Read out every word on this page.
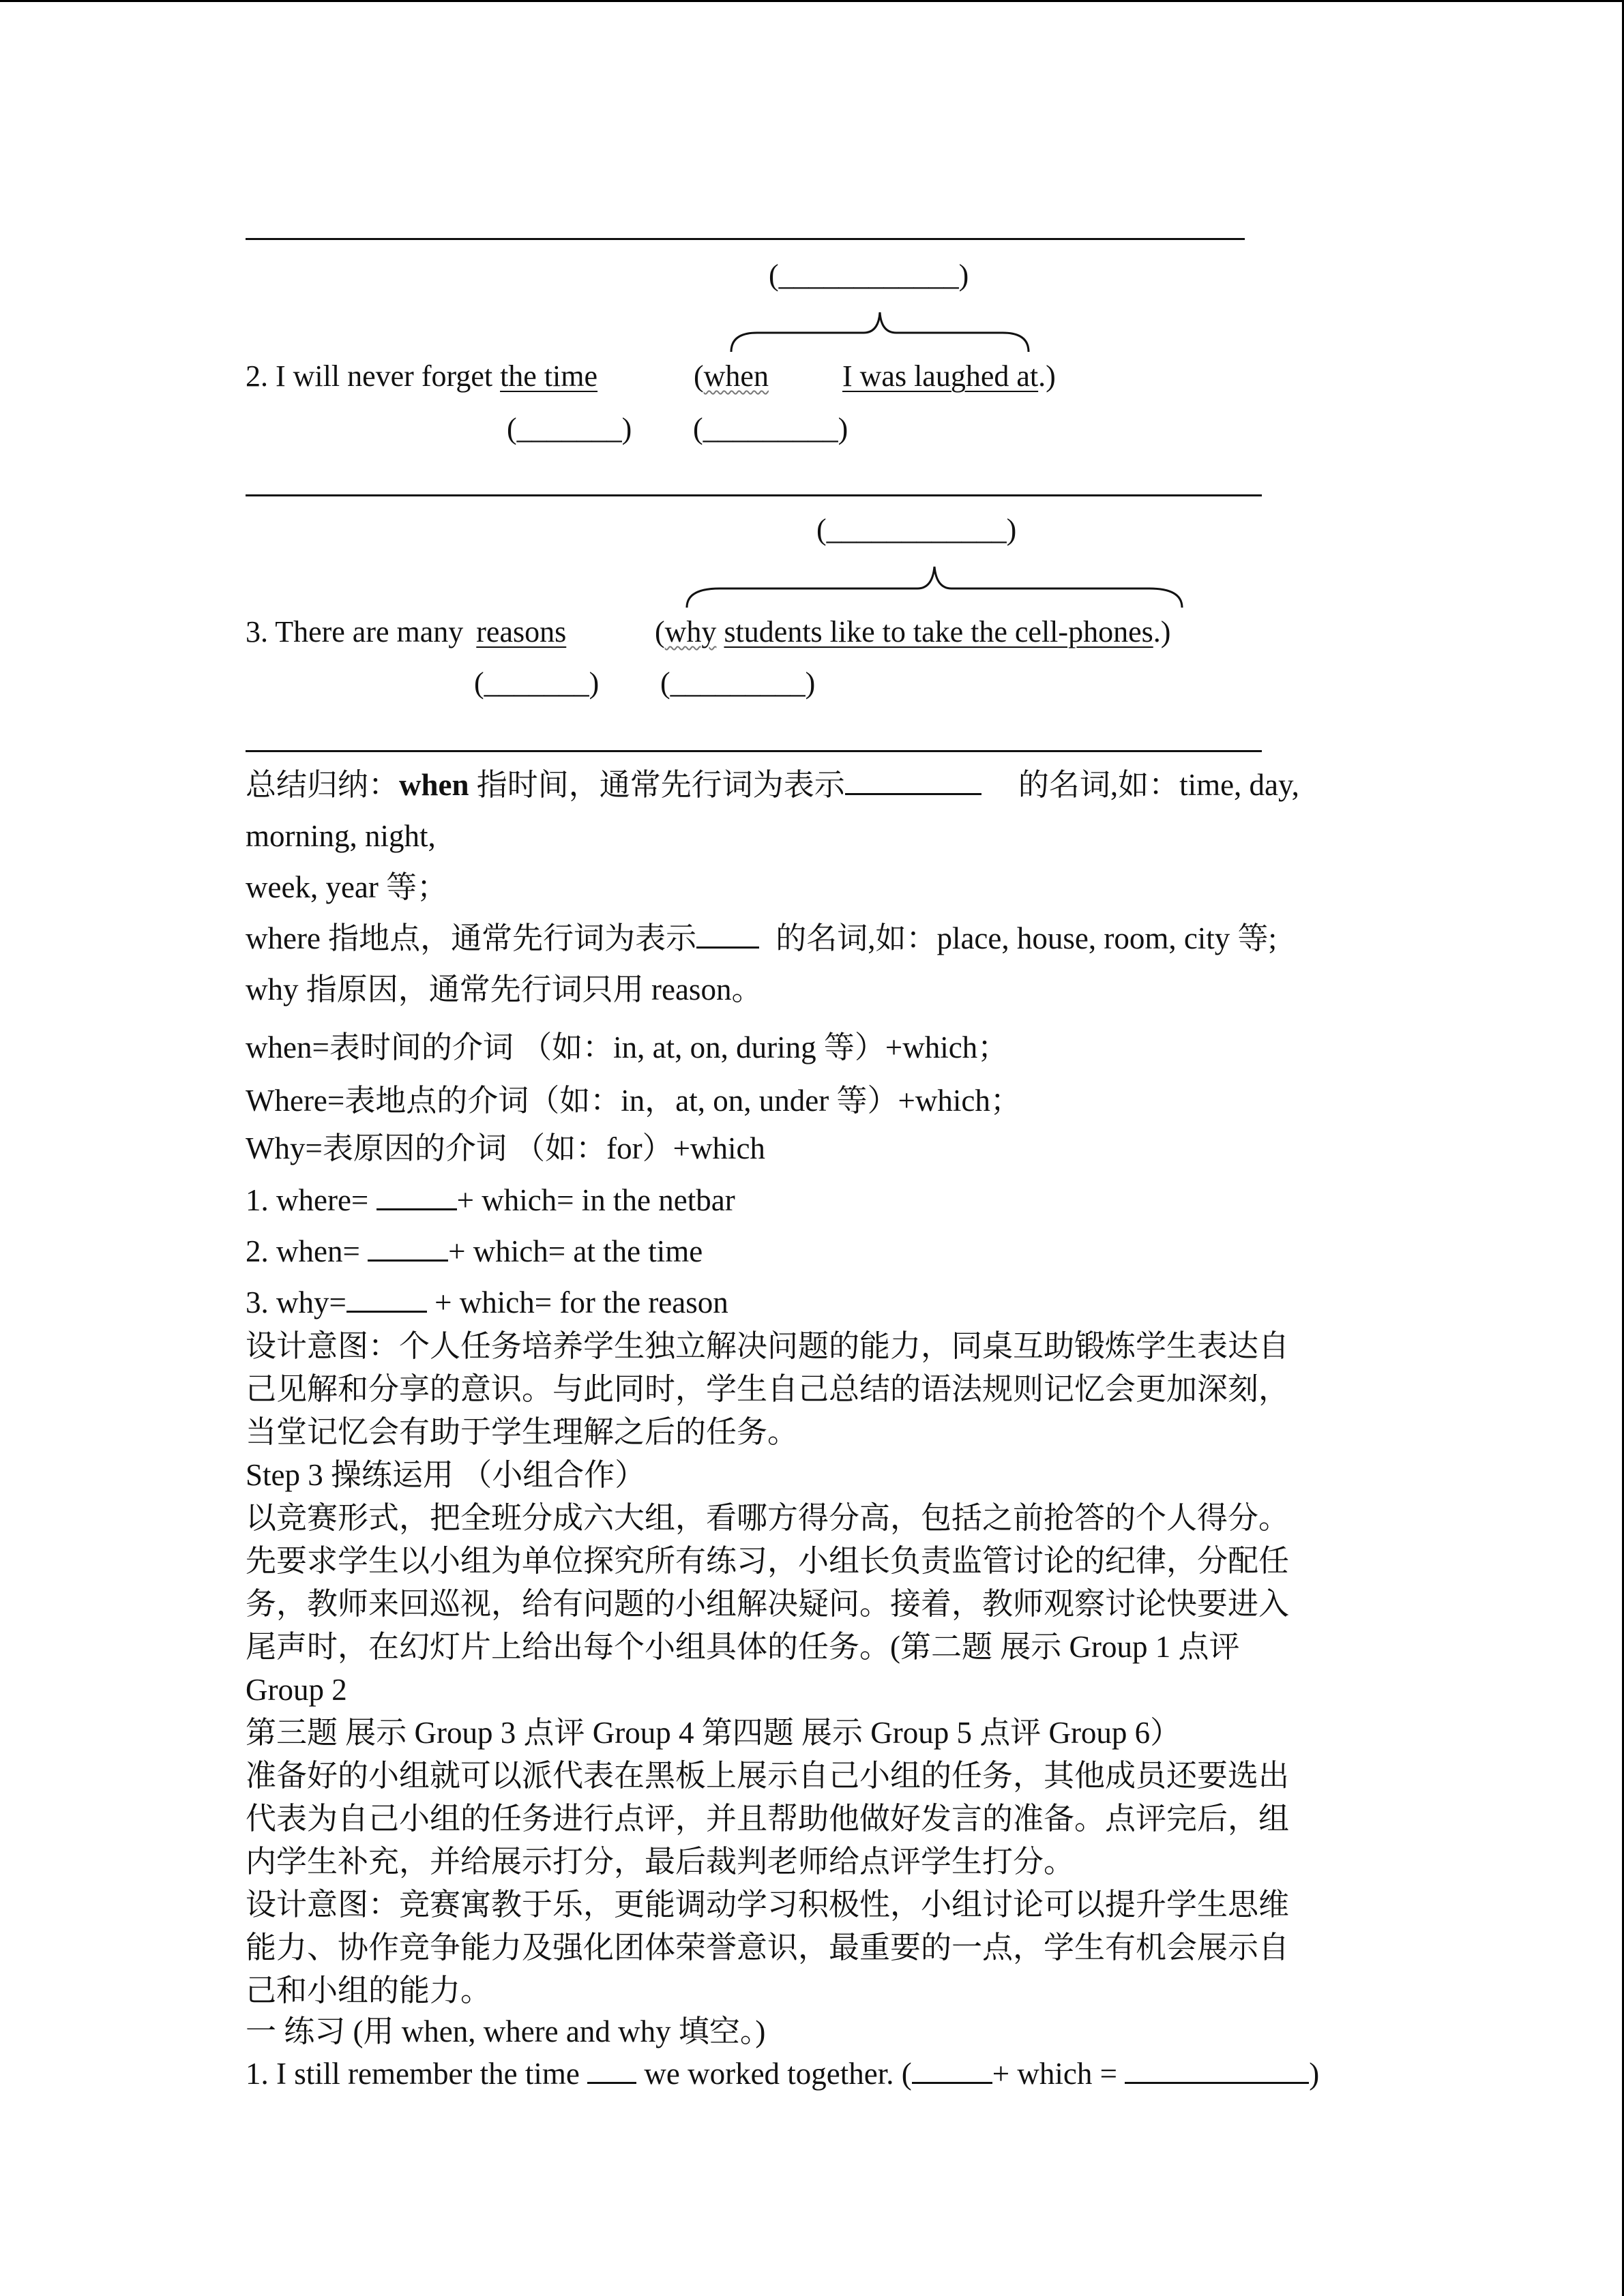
(____________)
2. I will never forget the time	(when I was laughed at.)
(_______) (_________)
(____________)
3. There are many reasons	(why students like to take the cell-phones.)
(_______) (_________)
总结归纳：when 指时间，通常先行词为表示	的名词,如：time, day,
morning, night,
week, year 等；
where 指地点，通常先行词为表示	的名词,如：place, house, room, city 等;
why 指原因，通常先行词只用 reason。
when=表时间的介词 （如：in, at, on, during 等）+which；
Where=表地点的介词（如：in，at, on, under 等）+which；
Why=表原因的介词 （如：for）+which
1. where=	+ which= in the netbar
2. when=	+ which= at the time
3. why=	+ which= for the reason

设计意图：个人任务培养学生独立解决问题的能力，同桌互助锻炼学生表达自
己见解和分享的意识。与此同时，学生自己总结的语法规则记忆会更加深刻，
当堂记忆会有助于学生理解之后的任务。

Step 3 操练运用 （小组合作）
以竞赛形式，把全班分成六大组，看哪方得分高，包括之前抢答的个人得分。
先要求学生以小组为单位探究所有练习，小组长负责监管讨论的纪律，分配任
务，教师来回巡视，给有问题的小组解决疑问。接着，教师观察讨论快要进入
尾声时，在幻灯片上给出每个小组具体的任务。(第二题 展示 Group 1 点评
Group 2
第三题 展示 Group 3 点评 Group 4 第四题 展示 Group 5 点评 Group 6）
准备好的小组就可以派代表在黑板上展示自己小组的任务，其他成员还要选出
代表为自己小组的任务进行点评，并且帮助他做好发言的准备。点评完后，组
内学生补充，并给展示打分，最后裁判老师给点评学生打分。

设计意图：竞赛寓教于乐，更能调动学习积极性，小组讨论可以提升学生思维
能力、协作竞争能力及强化团体荣誉意识，最重要的一点，学生有机会展示自
己和小组的能力。

一 练习 (用 when, where and why 填空。)
1. I still remember the time  we worked together. (	+ which =	)
